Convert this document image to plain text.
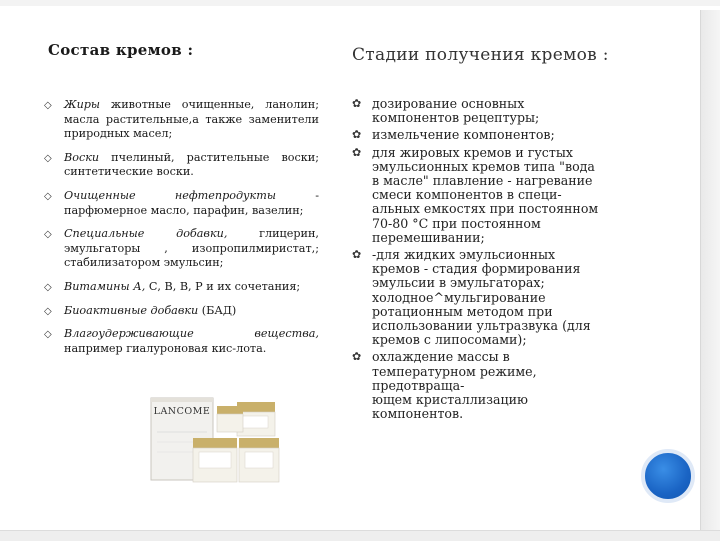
Состав кремов :	Стадии получения кремов :
◇ Жиры животные очищенные, ланолин; масла растительные,а также заменители природных масел;
◇ Воски пчелиный, растительные воски; синтетические воски.
◇ Очищенные нефтепродукты - парфюмерное масло, парафин, вазелин;
◇ Специальные добавки, глицерин, эмульгаторы , изопропилмиристат,; стабилизатором эмульсин;
◇ Витамины А, С, В, В, Р и их сочетания;
◇ Биоактивные добавки (БАД)
◇ Влагоудерживающие вещества, например гиалуроновая кис-лота.
✿ дозирование основных
компонентов рецептуры;
✿ измельчение компонентов;
✿ для жировых кремов и густых
эмульсионных кремов типа "вода
в масле" плавление - нагревание
смеси компонентов в специ-
альных емкостях при постоянном
70-80 °С при постоянном
перемешивании;
✿ -для жидких эмульсионных
кремов - стадия формирования
эмульсии в эмульгаторах;
холодное^мульгирование
ротационным методом при
использовании ультразвука (для
кремов с липосомами);
✿ охлаждение массы в
температурном режиме,
предотвраща-
ющем кристаллизацию
компонентов.
LANCOME
